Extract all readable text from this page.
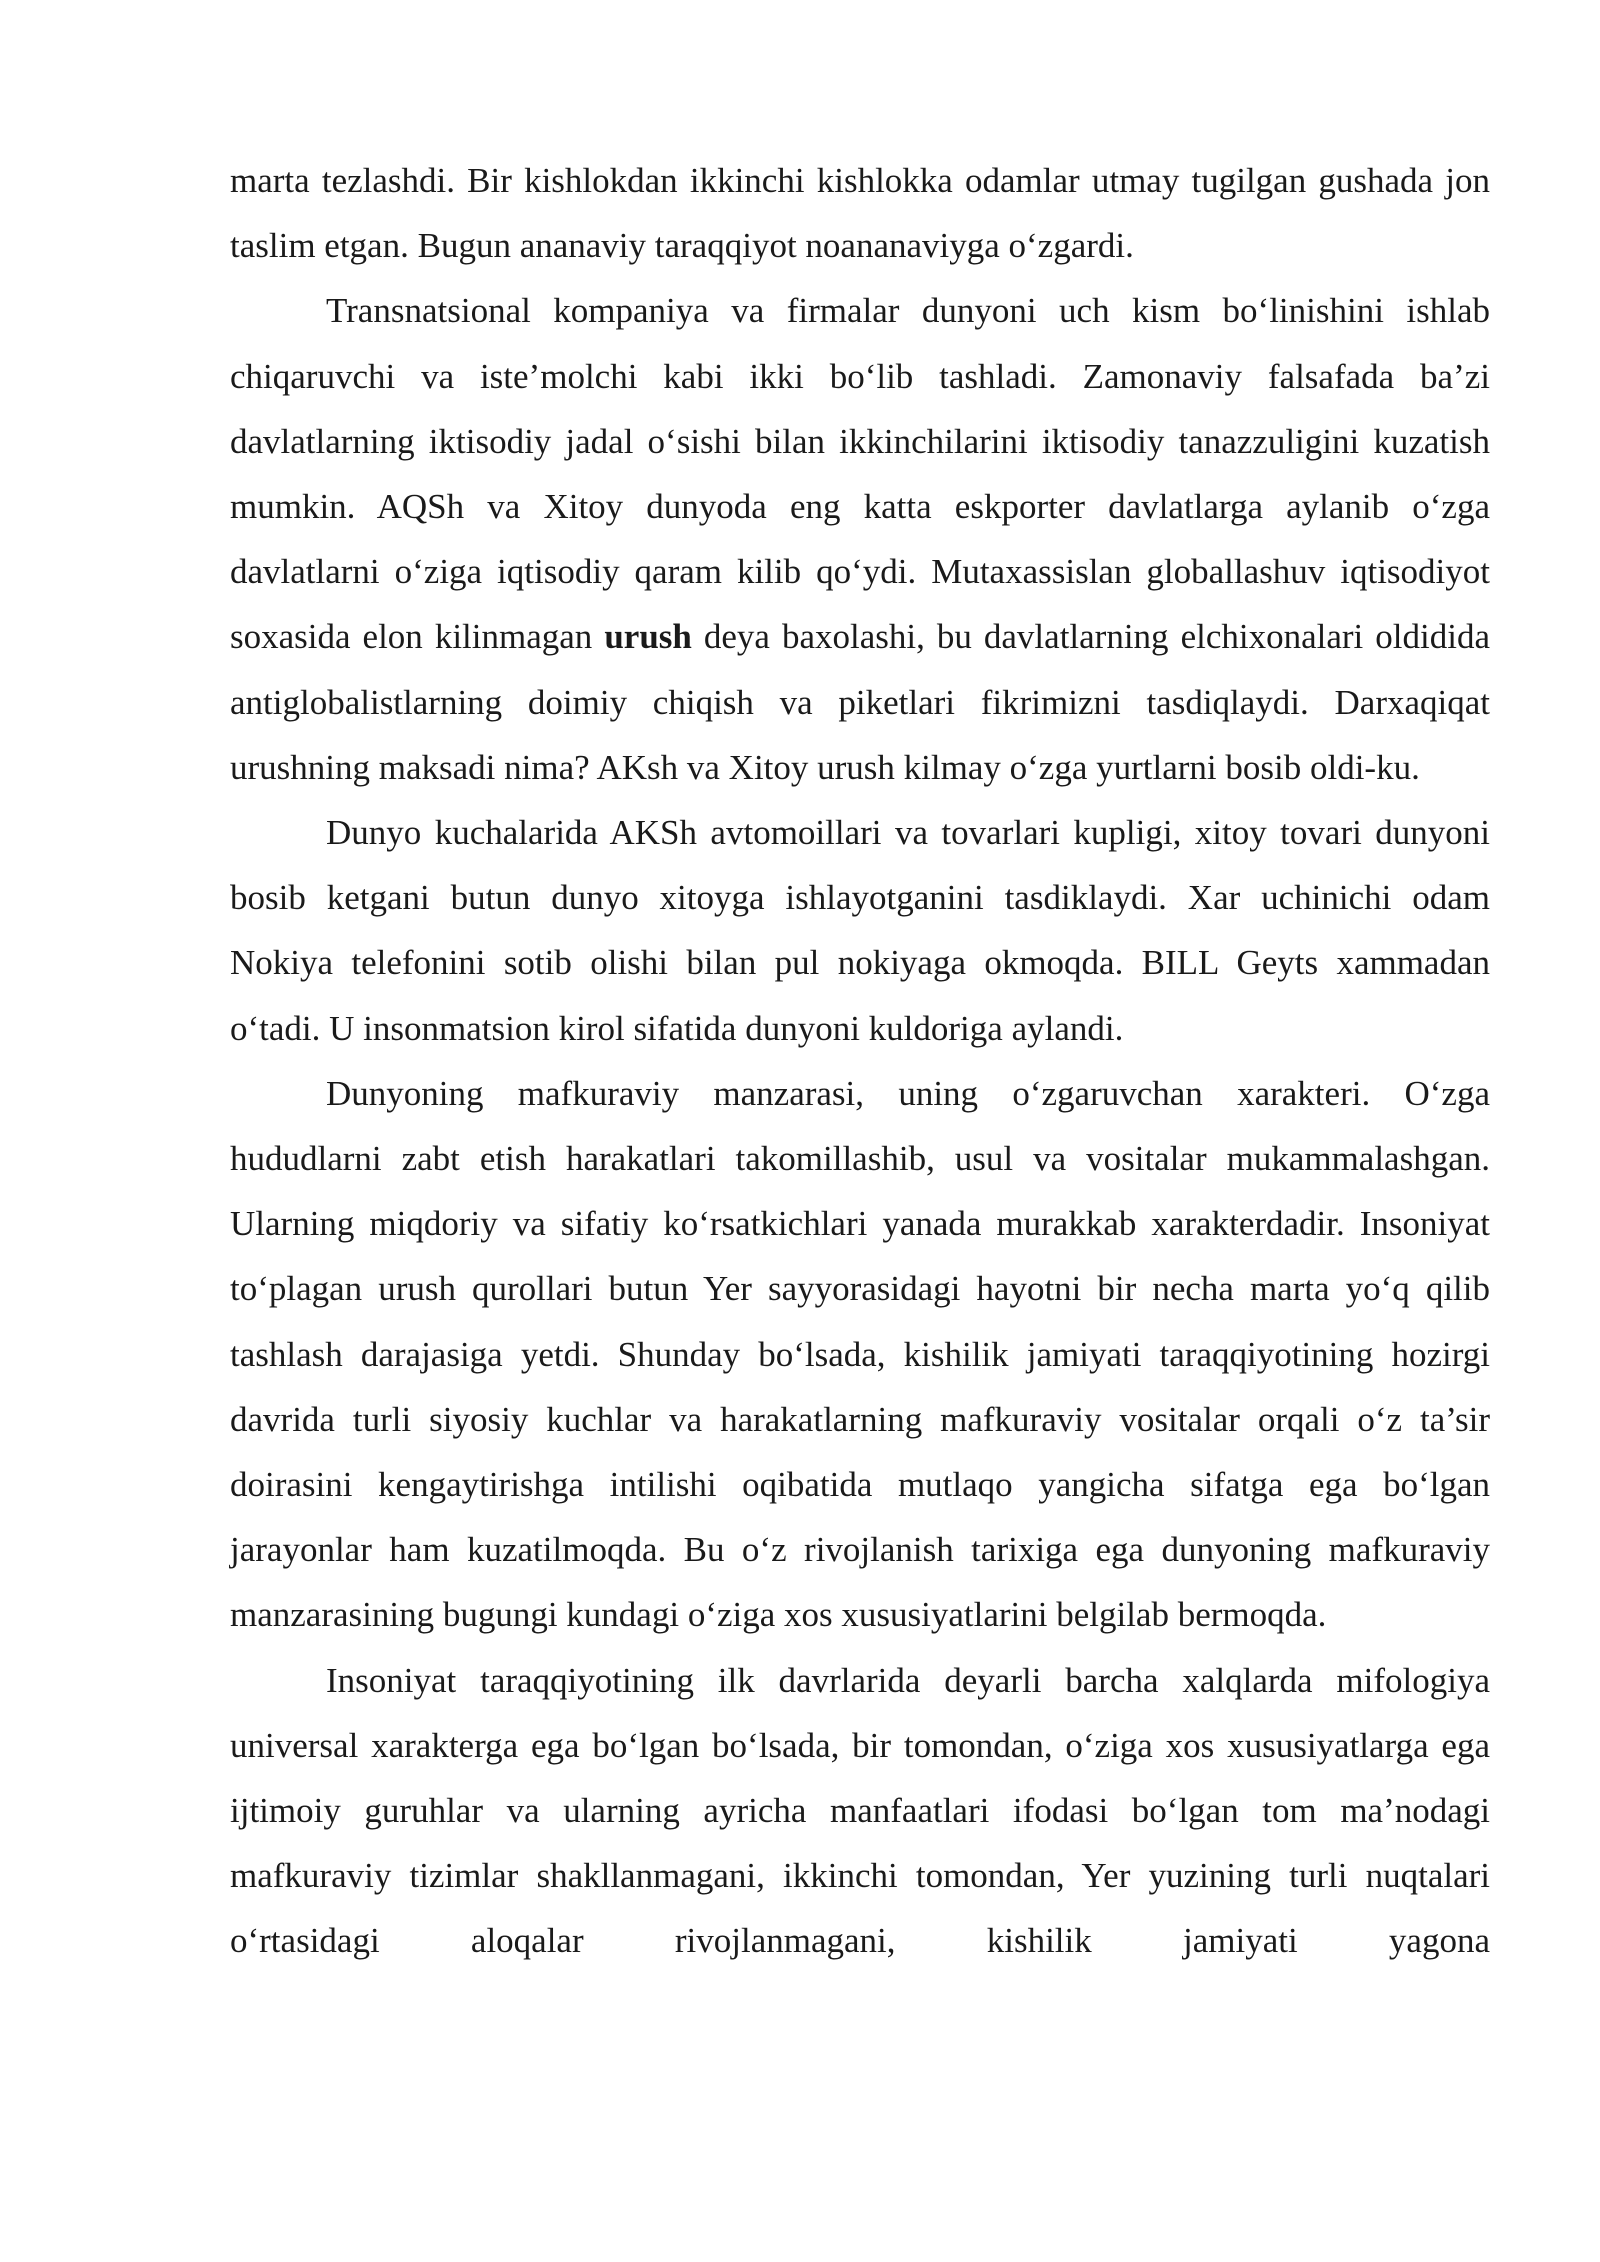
marta tezlashdi. Bir kishlokdan ikkinchi kishlokka odamlar utmay tugilgan gushada jon taslim etgan. Bugun ananaviy taraqqiyot noananaviyga o‘zgardi.

Transnatsional kompaniya va firmalar dunyoni uch kism bo‘linishini ishlab chiqaruvchi va iste’molchi kabi ikki bo‘lib tashladi. Zamonaviy falsafada ba’zi davlatlarning iktisodiy jadal o‘sishi bilan ikkinchilarini iktisodiy tanazzuligini kuzatish mumkin. AQSh va Xitoy dunyoda eng katta eskporter davlatlarga aylanib o‘zga davlatlarni o‘ziga iqtisodiy qaram kilib qo‘ydi. Mutaxassislan globallashuv iqtisodiyot soxasida elon kilinmagan urush deya baxolashi, bu davlatlarning elchixonalari oldidida antiglobalistlarning doimiy chiqish va piketlari fikrimizni tasdiqlaydi. Darxaqiqat urushning maksadi nima? AKsh va Xitoy urush kilmay o‘zga yurtlarni bosib oldi-ku.

Dunyo kuchalarida AKSh avtomoillari va tovarlari kupligi, xitoy tovari dunyoni bosib ketgani butun dunyo xitoyga ishlayotganini tasdiklaydi. Xar uchinichi odam Nokiya telefonini sotib olishi bilan pul nokiyaga okmoqda. BILL Geyts xammadan o‘tadi. U insonmatsion kirol sifatida dunyoni kuldoriga aylandi.

Dunyoning mafkuraviy manzarasi, uning o‘zgaruvchan xarakteri. O‘zga hududlarni zabt etish harakatlari takomillashib, usul va vositalar mukammalashgan. Ularning miqdoriy va sifatiy ko‘rsatkichlari yanada murakkab xarakterdadir. Insoniyat to‘plagan urush qurollari butun Yer sayyorasidagi hayotni bir necha marta yo‘q qilib tashlash darajasiga yetdi. Shunday bo‘lsada, kishilik jamiyati taraqqiyotining hozirgi davrida turli siyosiy kuchlar va harakatlarning mafkuraviy vositalar orqali o‘z ta’sir doirasini kengaytirishga intilishi oqibatida mutlaqo yangicha sifatga ega bo‘lgan jarayonlar ham kuzatilmoqda. Bu o‘z rivojlanish tarixiga ega dunyoning mafkuraviy manzarasining bugungi kundagi o‘ziga xos xususiyatlarini belgilab bermoqda.

Insoniyat taraqqiyotining ilk davrlarida deyarli barcha xalqlarda mifologiya universal xarakterga ega bo‘lgan bo‘lsada, bir tomondan, o‘ziga xos xususiyatlarga ega ijtimoiy guruhlar va ularning ayricha manfaatlari ifodasi bo‘lgan tom ma’nodagi mafkuraviy tizimlar shakllanmagani, ikkinchi tomondan, Yer yuzining turli nuqtalari o‘rtasidagi aloqalar rivojlanmagani, kishilik jamiyati yagona
